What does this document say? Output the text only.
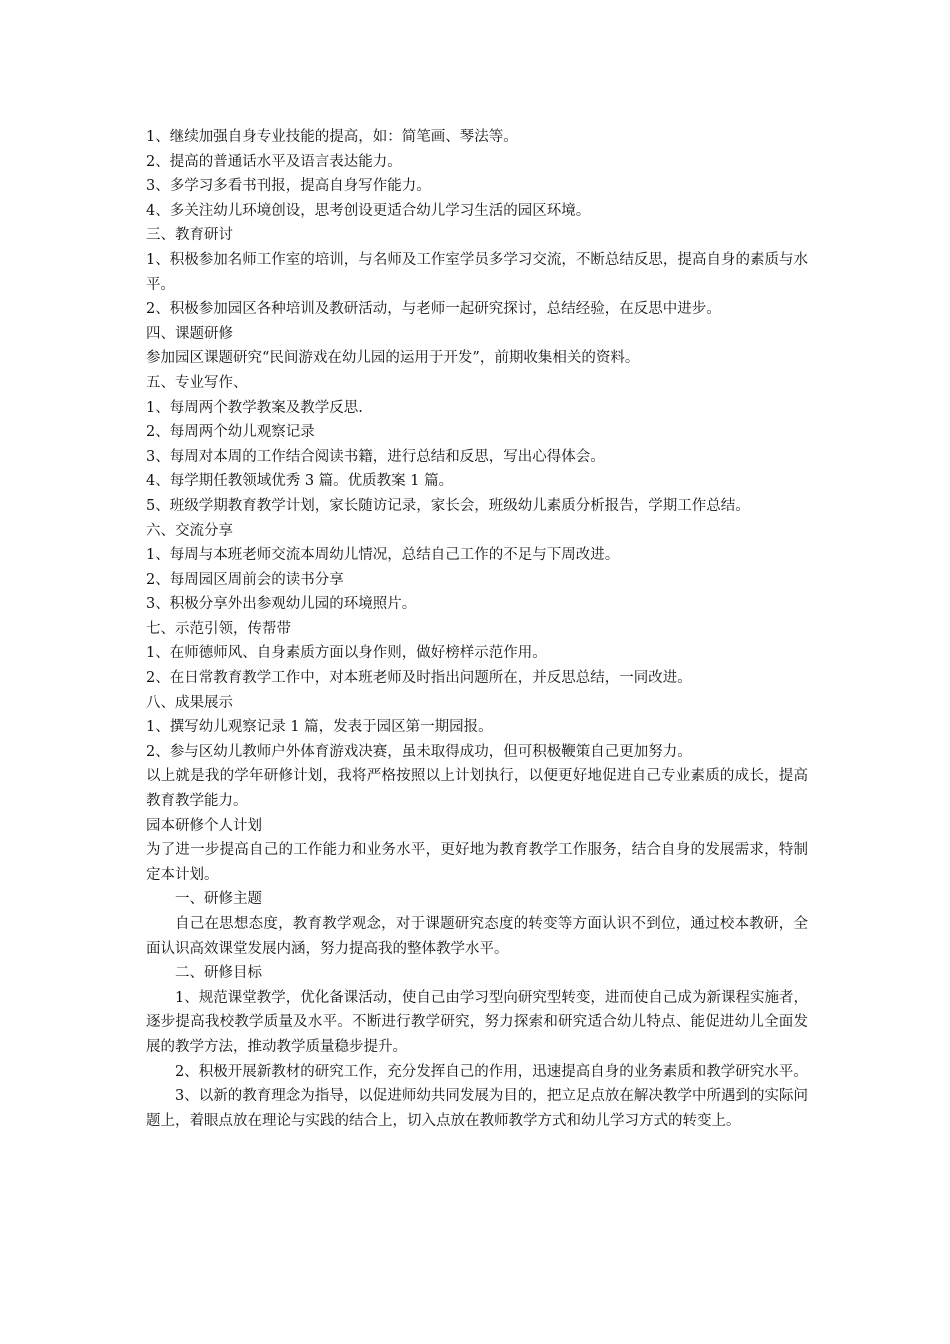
1、继续加强自身专业技能的提高，如：简笔画、琴法等。

2、提高的普通话水平及语言表达能力。

3、多学习多看书刊报，提高自身写作能力。

4、多关注幼儿环境创设，思考创设更适合幼儿学习生活的园区环境。

三、教育研讨

1、积极参加名师工作室的培训，与名师及工作室学员多学习交流，不断总结反思，提高自身的素质与水平。

2、积极参加园区各种培训及教研活动，与老师一起研究探讨，总结经验，在反思中进步。

四、课题研修

参加园区课题研究“民间游戏在幼儿园的运用于开发”，前期收集相关的资料。

五、专业写作、

1、每周两个教学教案及教学反思.

2、每周两个幼儿观察记录

3、每周对本周的工作结合阅读书籍，进行总结和反思，写出心得体会。

4、每学期任教领域优秀 3 篇。优质教案 1 篇。

5、班级学期教育教学计划，家长随访记录，家长会，班级幼儿素质分析报告，学期工作总结。

六、交流分享

1、每周与本班老师交流本周幼儿情况，总结自己工作的不足与下周改进。

2、每周园区周前会的读书分享

3、积极分享外出参观幼儿园的环境照片。

七、示范引领，传帮带

1、在师德师风、自身素质方面以身作则，做好榜样示范作用。

2、在日常教育教学工作中，对本班老师及时指出问题所在，并反思总结，一同改进。

八、成果展示

1、撰写幼儿观察记录 1 篇，发表于园区第一期园报。

2、参与区幼儿教师户外体育游戏决赛，虽未取得成功，但可积极鞭策自己更加努力。

以上就是我的学年研修计划，我将严格按照以上计划执行，以便更好地促进自己专业素质的成长，提高教育教学能力。

园本研修个人计划

为了进一步提高自己的工作能力和业务水平，更好地为教育教学工作服务，结合自身的发展需求，特制定本计划。

一、研修主题

自己在思想态度，教育教学观念，对于课题研究态度的转变等方面认识不到位，通过校本教研，全面认识高效课堂发展内涵，努力提高我的整体教学水平。

二、研修目标

1、规范课堂教学，优化备课活动，使自己由学习型向研究型转变，进而使自己成为新课程实施者，逐步提高我校教学质量及水平。不断进行教学研究，努力探索和研究适合幼儿特点、能促进幼儿全面发展的教学方法，推动教学质量稳步提升。

2、积极开展新教材的研究工作，充分发挥自己的作用，迅速提高自身的业务素质和教学研究水平。

3、以新的教育理念为指导，以促进师幼共同发展为目的，把立足点放在解决教学中所遇到的实际问题上，着眼点放在理论与实践的结合上，切入点放在教师教学方式和幼儿学习方式的转变上。
